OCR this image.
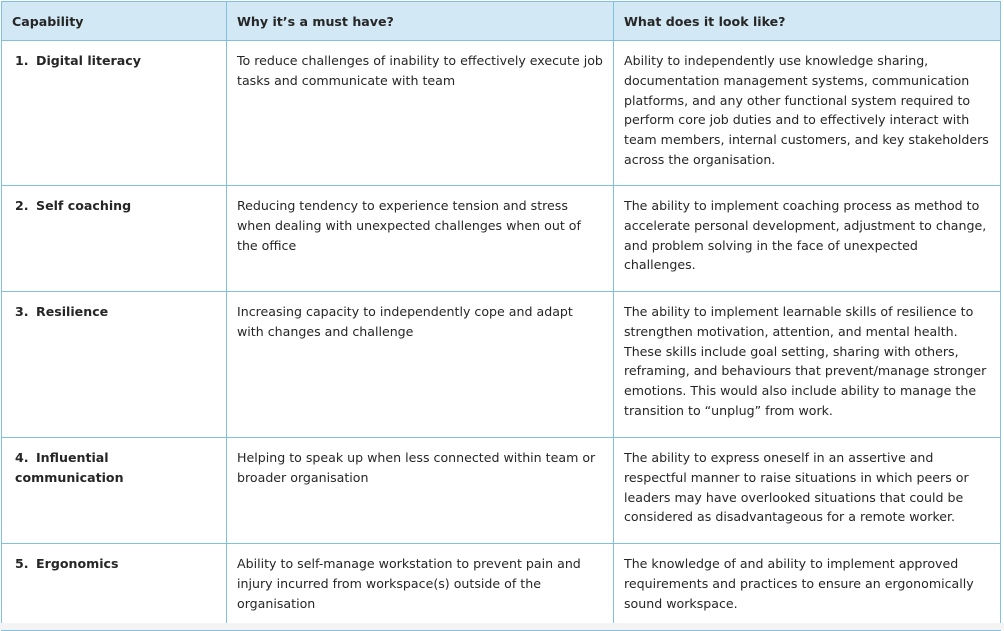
Capability	Why it’s a must have?	What does it look like?
1. Digital literacy	To reduce challenges of inability to effectively execute job tasks and communicate with team	Ability to independently use knowledge sharing, documentation management systems, communication platforms, and any other functional system required to perform core job duties and to effectively interact with team members, internal customers, and key stakeholders across the organisation.
2. Self coaching	Reducing tendency to experience tension and stress when dealing with unexpected challenges when out of the office	The ability to implement coaching process as method to accelerate personal development, adjustment to change, and problem solving in the face of unexpected challenges.
3. Resilience	Increasing capacity to independently cope and adapt with changes and challenge	The ability to implement learnable skills of resilience to strengthen motivation, attention, and mental health. These skills include goal setting, sharing with others, reframing, and behaviours that prevent/manage stronger emotions. This would also include ability to manage the transition to “unplug” from work.
4. Influential communication	Helping to speak up when less connected within team or broader organisation	The ability to express oneself in an assertive and respectful manner to raise situations in which peers or leaders may have overlooked situations that could be considered as disadvantageous for a remote worker.
5. Ergonomics	Ability to self-manage workstation to prevent pain and injury incurred from workspace(s) outside of the organisation	The knowledge of and ability to implement approved requirements and practices to ensure an ergonomically sound workspace.
